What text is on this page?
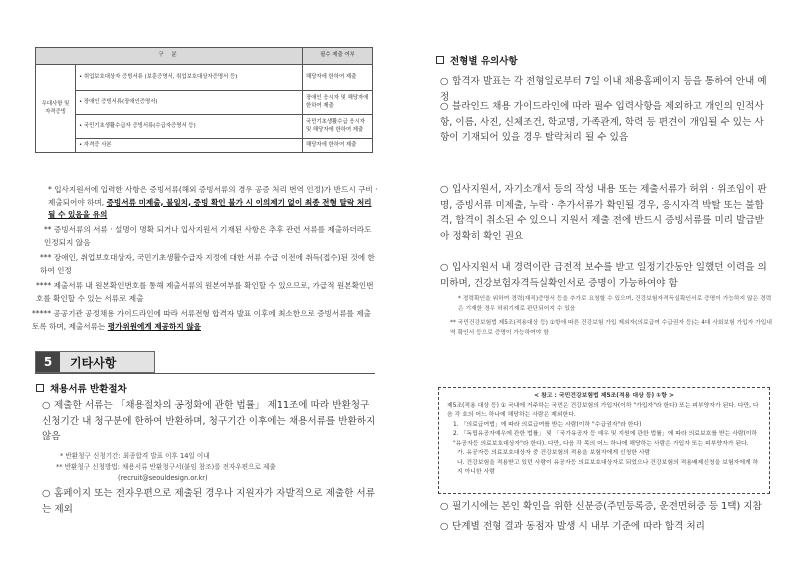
구 분		필수 제출 여부
우대사항 및 자격증빙	• 취업보호대상자 증빙서류 (보훈증명서, 취업보호대상자증명서 등)	해당자에 한하여 제출
	• 장애인 증빙서류(장애인증명서)	장애인 응시자 및 해당자에 한하여 제출
	• 국민기초생활수급자 증빙서류(수급자증명서 등)	국민기초생활수급 응시자 및 해당자에 한하여 제출
	• 자격증 사본	해당자에 한하여 제출
* 입사지원서에 입력한 사항은 증빙서류(해외 증빙서류의 경우 공증 처리 번역 인정)가 반드시 구비 · 제출되어야 하며, 증빙서류 미제출, 불일치, 증빙 확인 불가 시 이의제기 없이 최종 전형 탈락 처리될 수 있음을 유의
** 증빙서류의 서류 · 설명이 명확 되거나 입사지원서 기재된 사항은 추후 관련 서류를 제출하더라도 인정되지 않음
*** 장애인, 취업보호대상자, 국민기초생활수급자 지정에 대한 서류 수급 이전에 취득(접수)된 것에 한하여 인정
**** 제출서류 내 원본확인번호를 통해 제출서류의 원본여부를 확인할 수 있으므로, 가급적 원본확인번호를 확인할 수 있는 서류로 제출
***** 공공기관 공정채용 가이드라인에 따라 서류전형 합격자 발표 이후에 최소한으로 증빙서류를 제출토록 하며, 제출서류는 평가위원에게 제공하지 않음
5	기타사항
채용서류 반환절차
○ 제출한 서류는 「채용절차의 공정화에 관한 법률」 제11조에 따라 반환청구 신청기간 내 청구분에 한하여 반환하며, 청구기간 이후에는 채용서류를 반환하지 않음
* 반환청구 신청기간: 최종합격 발표 이후 14일 이내
** 반환청구 신청방법: 채용서류 반환청구서(붙임 참조)를 전자우편으로 제출
(recruit@seouldesign.or.kr)
○ 홈페이지 또는 전자우편으로 제출된 경우나 지원자가 자발적으로 제출한 서류는 제외
전형별 유의사항
○ 합격자 발표는 각 전형일로부터 7일 이내 채용홈페이지 등을 통하여 안내 예정
○ 블라인드 채용 가이드라인에 따라 필수 입력사항을 제외하고 개인의 인적사항, 이름, 사진, 신체조건, 학교명, 가족관계, 학력 등 편견이 개입될 수 있는 사항이 기재되어 있을 경우 탈락처리 될 수 있음
○ 입사지원서, 자기소개서 등의 작성 내용 또는 제출서류가 허위 · 위조임이 판명, 증빙서류 미제출, 누락 · 추가서류가 확인될 경우, 응시자격 박탈 또는 불합격, 합격이 취소된 수 있으니 지원서 제출 전에 반드시 증빙서류를 미리 발급받아 정확히 확인 권요
○ 입사지원서 내 경력이란 급전적 보수를 받고 일정기간동안 일했던 이력을 의미하며, 건강보험자격득실확인서로 증명이 가능하여야 함
* 경력확인을 위하여 경력(재직)증명서 등을 추가로 요청할 수 있으며, 건강보험자격득실확인서로 증명이 가능하지 않은 경력은 기재한 경우 허위기재로 판단되어지 수 있음
** 국민건강보험법 제5조(적용대상 등) ①항에 따른 건강보험 가입 제외자(의료급여 수급권자 등)는 4대 사회보험 가입자 가입내역 확인서 등으로 증명이 가능하여야 함
< 참고 : 국민건강보험법 제5조(적용 대상 등) ①항 >
제5조(적용 대상 등) ① 국내에 거주하는 국민은 건강보험의 가입자(이하 "가입자"라 한다) 또는 피부양자가 된다. 다만, 다음 각 호의 어느 하나에 해당하는 사람은 제외한다.
1. 「의료급여법」에 따라 의료급여를 받는 사람(이하 "수급권자"라 한다)
2. 「독립유공자예우에 관한 법률」 및 「국가유공자 등 예우 및 지원에 관한 법률」에 따라 의료보호를 받는 사람(이하 "유공자등 의료보호대상자"라 한다). 다만, 다음 각 목의 어느 하나에 해당하는 사람은 가입자 또는 피부양자가 된다.
가. 유공자등 의료보호대상자 중 건강보험의 적용을 보험자에게 신청한 사람
나. 건강보험을 적용받고 있던 사람이 유공자등 의료보호대상자로 되었으나 건강보험의 적용배제신청을 보험자에게 하지 아니한 사람
○ 필기시에는 본인 확인을 위한 신분증(주민등록증, 운전면허증 등 1택) 지참
○ 단계별 전형 결과 동점자 발생 시 내부 기준에 따라 합격 처리
